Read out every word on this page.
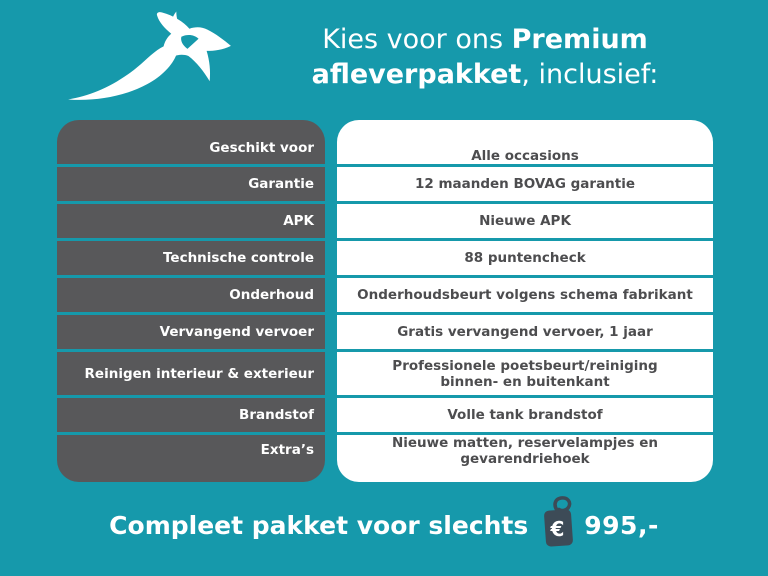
Kies voor ons Premium
afleverpakket, inclusief:
Geschikt voor
Garantie
APK
Technische controle
Onderhoud
Vervangend vervoer
Reinigen interieur & exterieur
Brandstof
Extra’s
Alle occasions
12 maanden BOVAG garantie
Nieuwe APK
88 puntencheck
Onderhoudsbeurt volgens schema fabrikant
Gratis vervangend vervoer, 1 jaar
Professionele poetsbeurt/reiniging binnen- en buitenkant
Volle tank brandstof
Nieuwe matten, reservelampjes en gevarendriehoek
Compleet pakket voor slechts € 995,-
